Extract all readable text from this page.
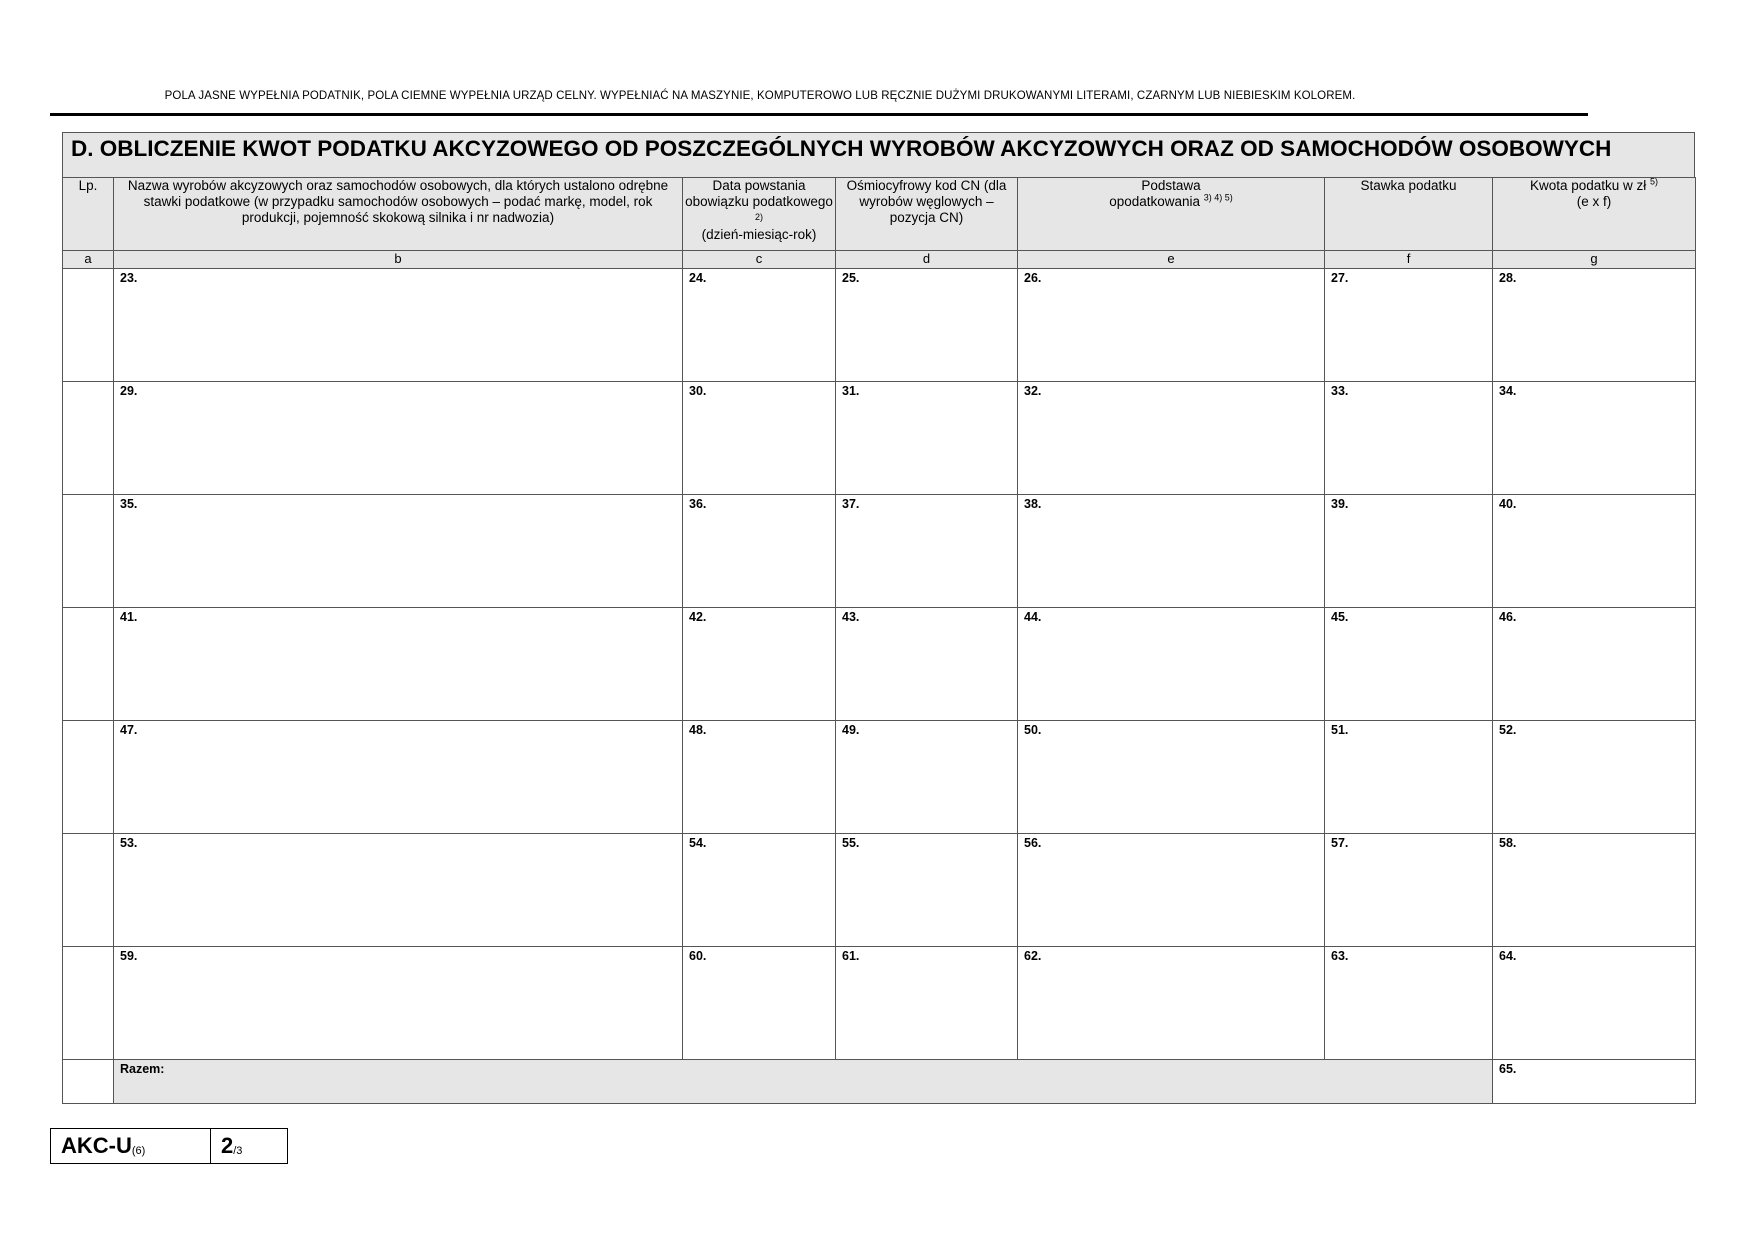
POLA JASNE WYPEŁNIA PODATNIK, POLA CIEMNE WYPEŁNIA URZĄD CELNY. WYPEŁNIAĆ NA MASZYNIE, KOMPUTEROWO LUB RĘCZNIE DUŻYMI DRUKOWANYMI LITERAMI, CZARNYM LUB NIEBIESKIM KOLOREM.
D. OBLICZENIE KWOT PODATKU AKCYZOWEGO OD POSZCZEGÓLNYCH WYROBÓW AKCYZOWYCH ORAZ OD SAMOCHODÓW OSOBOWYCH
Lp.	Nazwa wyrobów akcyzowych oraz samochodów osobowych, dla których ustalono odrębne stawki podatkowe (w przypadku samochodów osobowych – podać markę, model, rok produkcji, pojemność skokową silnika i nr nadwozia)	Data powstania obowiązku podatkowego 2)
(dzień-miesiąc-rok)	Ośmiocyfrowy kod CN (dla wyrobów węglowych – pozycja CN)	Podstawa
opodatkowania $^{3) 4) 5)}$	Stawka podatku	Kwota podatku w zł $^{5)}$
(e x f)
a	b	c	d	e	f	g

	23.	24.	25.	26.	27.	28.

	29.	30.	31.	32.	33.	34.

	35.	36.	37.	38.	39.	40.

	41.	42.	43.	44.	45.	46.

	47.	48.	49.	50.	51.	52.

	53.	54.	55.	56.	57.	58.

	59.	60.	61.	62.	63.	64.

	Razem:					65.
AKC-U (6)	2 /3
